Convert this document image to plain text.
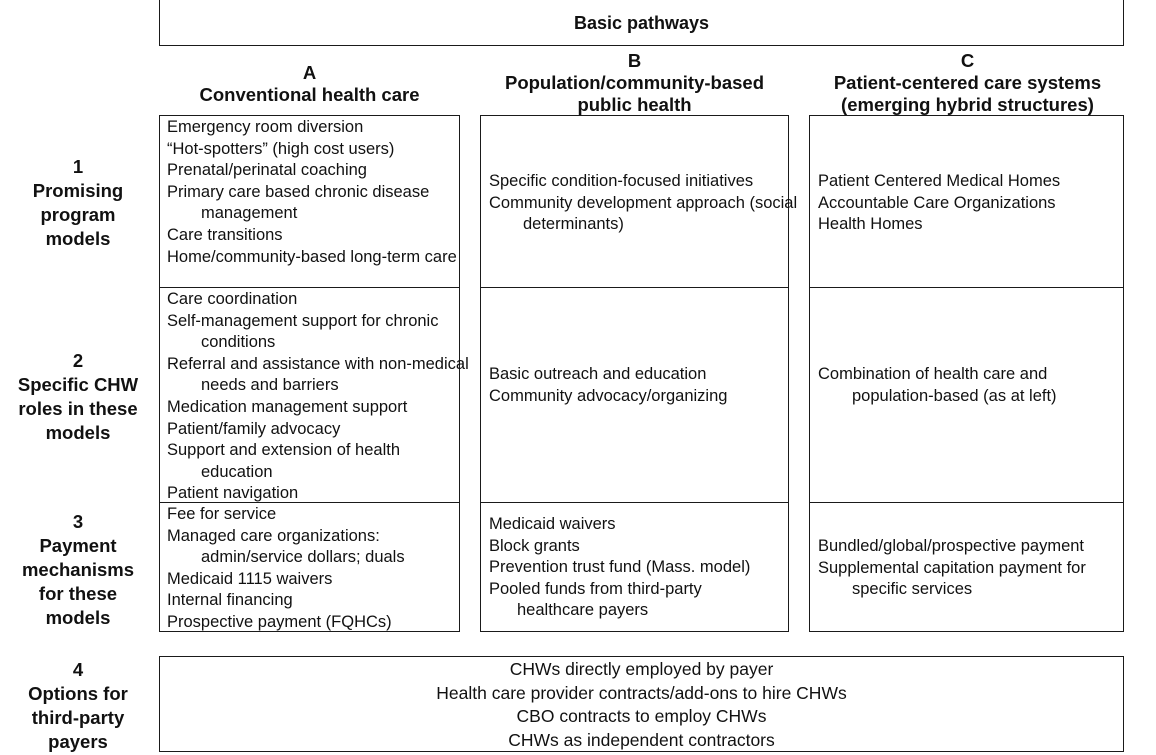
Basic pathways
A
Conventional health care
B
Population/community-based public health
C
Patient-centered care systems (emerging hybrid structures)
1
Promising program models
2
Specific CHW roles in these models
3
Payment mechanisms for these models
4
Options for third-party payers
Emergency room diversion
“Hot-spotters” (high cost users)
Prenatal/perinatal coaching
Primary care based chronic disease management
Care transitions
Home/community-based long-term care
Care coordination
Self-management support for chronic conditions
Referral and assistance with non-medical needs and barriers
Medication management support
Patient/family advocacy
Support and extension of health education
Patient navigation
Fee for service
Managed care organizations: admin/service dollars; duals
Medicaid 1115 waivers
Internal financing
Prospective payment (FQHCs)
Specific condition-focused initiatives
Community development approach (social determinants)
Basic outreach and education
Community advocacy/organizing
Medicaid waivers
Block grants
Prevention trust fund (Mass. model)
Pooled funds from third-party healthcare payers
Patient Centered Medical Homes
Accountable Care Organizations
Health Homes
Combination of health care and population-based (as at left)
Bundled/global/prospective payment
Supplemental capitation payment for specific services
CHWs directly employed by payer
Health care provider contracts/add-ons to hire CHWs
CBO contracts to employ CHWs
CHWs as independent contractors
